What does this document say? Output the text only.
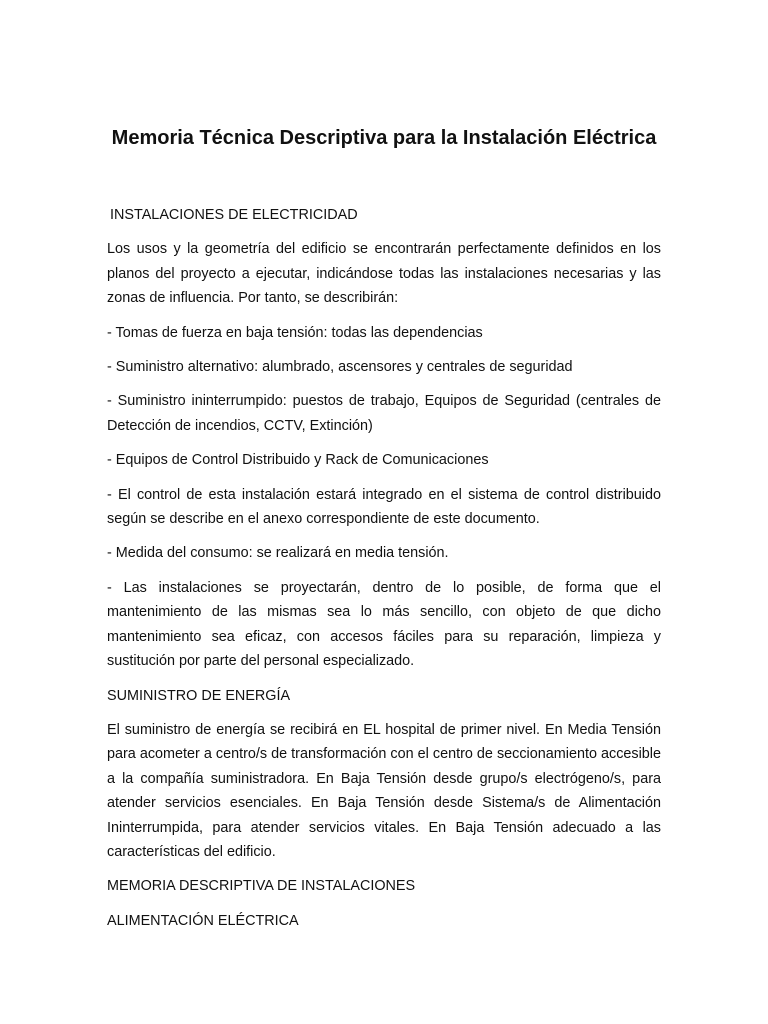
Memoria Técnica Descriptiva para la Instalación Eléctrica
INSTALACIONES DE ELECTRICIDAD

Los usos y la geometría del edificio se encontrarán perfectamente definidos en los planos del proyecto a ejecutar, indicándose todas las instalaciones necesarias y las zonas de influencia. Por tanto, se describirán:

- Tomas de fuerza en baja tensión: todas las dependencias

- Suministro alternativo: alumbrado, ascensores y centrales de seguridad

- Suministro ininterrumpido: puestos de trabajo, Equipos de Seguridad (centrales de Detección de incendios, CCTV, Extinción)

- Equipos de Control Distribuido y Rack de Comunicaciones

- El control de esta instalación estará integrado en el sistema de control distribuido según se describe en el anexo correspondiente de este documento.

- Medida del consumo: se realizará en media tensión.

- Las instalaciones se proyectarán, dentro de lo posible, de forma que el mantenimiento de las mismas sea lo más sencillo, con objeto de que dicho mantenimiento sea eficaz, con accesos fáciles para su reparación, limpieza y sustitución por parte del personal especializado.

SUMINISTRO DE ENERGÍA

El suministro de energía se recibirá en EL hospital de primer nivel. En Media Tensión para acometer a centro/s de transformación con el centro de seccionamiento accesible a la compañía suministradora. En Baja Tensión desde grupo/s electrógeno/s, para atender servicios esenciales. En Baja Tensión desde Sistema/s de Alimentación Ininterrumpida, para atender servicios vitales. En Baja Tensión adecuado a las características del edificio.

MEMORIA DESCRIPTIVA DE INSTALACIONES
ALIMENTACIÓN ELÉCTRICA
